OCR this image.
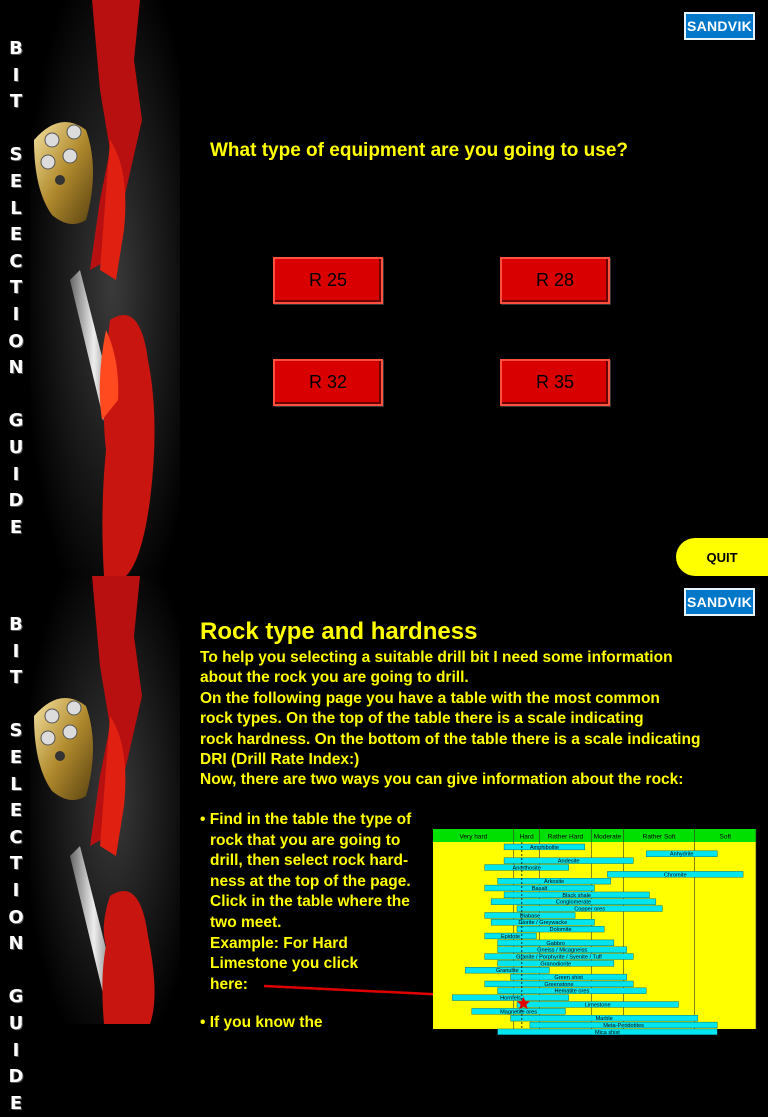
B
I
T

S
E
L
E
C
T
I
O
N

G
U
I
D
E
SANDVIK
What type of equipment are you going to use?
R 25	R 28
R 32	R 35
QUIT
B
I
T

S
E
L
E
C
T
I
O
N

G
U
I
D
E
SANDVIK
Rock type and hardness

To help you selecting a suitable drill bit I need some information

about the rock you are going to drill.

On the following page you have a table with the most common

rock types. On the top of the table there is a scale indicating

rock hardness. On the bottom of the table there is a scale indicating

DRI (Drill Rate Index:)

Now, there are two ways you can give information about the rock:

• Find in the table the type of

rock that you are going to

drill, then select rock hard-

ness at the top of the page.

Click in the table where the

two meet.

Example: For Hard

Limestone you click

here:

• If you know the
Very hard	Hard Rather Hard Moderate	Rather Soft	Soft
Amphibolite
Anhydrite
Andesite
Anorthosite
Chromite
Arkosite
Basalt
Black shale
Conglomerate
Copper ores
Diabase
Diorite / Greywacke
Dolomite
Epidote
Gabbro
Gneiss / Micagneiss
Granite / Porphyrite / Syenite / Tuff
Granodiorite
Granulite
Green shist
Greenstone
Hematite ores
Hornfels
Limestone
Magnetite ores
Marble
Meta-Peridotites
Mica shist
